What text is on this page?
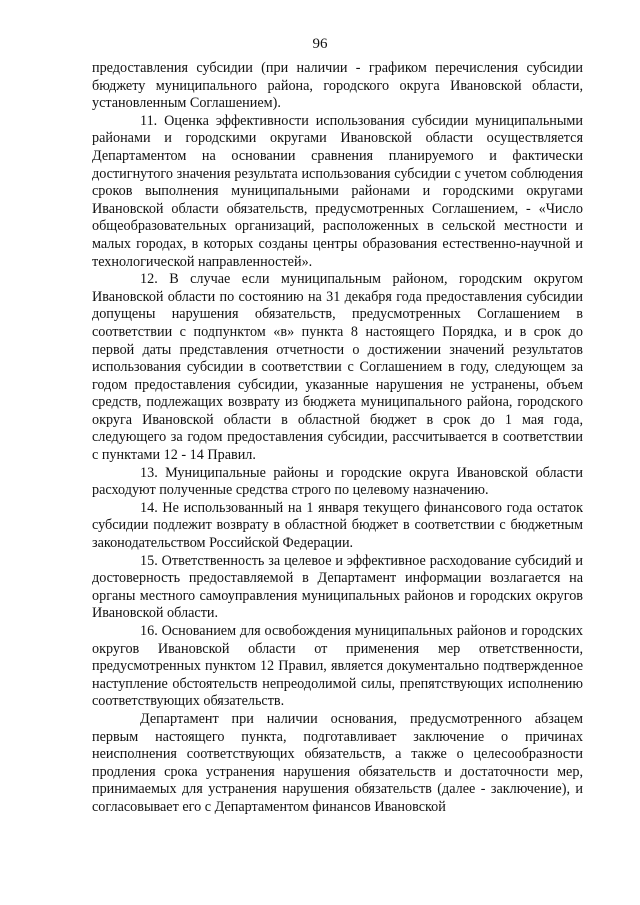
96

предоставления субсидии (при наличии - графиком перечисления субсидии бюджету муниципального района, городского округа Ивановской области, установленным Соглашением).

11. Оценка эффективности использования субсидии муниципальными районами и городскими округами Ивановской области осуществляется Департаментом на основании сравнения планируемого и фактически достигнутого значения результата использования субсидии с учетом соблюдения сроков выполнения муниципальными районами и городскими округами Ивановской области обязательств, предусмотренных Соглашением, - «Число общеобразовательных организаций, расположенных в сельской местности и малых городах, в которых созданы центры образования естественно-научной и технологической направленностей».

12. В случае если муниципальным районом, городским округом Ивановской области по состоянию на 31 декабря года предоставления субсидии допущены нарушения обязательств, предусмотренных Соглашением в соответствии с подпунктом «в» пункта 8 настоящего Порядка, и в срок до первой даты представления отчетности о достижении значений результатов использования субсидии в соответствии с Соглашением в году, следующем за годом предоставления субсидии, указанные нарушения не устранены, объем средств, подлежащих возврату из бюджета муниципального района, городского округа Ивановской области в областной бюджет в срок до 1 мая года, следующего за годом предоставления субсидии, рассчитывается в соответствии с пунктами 12 - 14 Правил.

13. Муниципальные районы и городские округа Ивановской области расходуют полученные средства строго по целевому назначению.

14. Не использованный на 1 января текущего финансового года остаток субсидии подлежит возврату в областной бюджет в соответствии с бюджетным законодательством Российской Федерации.

15. Ответственность за целевое и эффективное расходование субсидий и достоверность предоставляемой в Департамент информации возлагается на органы местного самоуправления муниципальных районов и городских округов Ивановской области.

16. Основанием для освобождения муниципальных районов и городских округов Ивановской области от применения мер ответственности, предусмотренных пунктом 12 Правил, является документально подтвержденное наступление обстоятельств непреодолимой силы, препятствующих исполнению соответствующих обязательств.

Департамент при наличии основания, предусмотренного абзацем первым настоящего пункта, подготавливает заключение о причинах неисполнения соответствующих обязательств, а также о целесообразности продления срока устранения нарушения обязательств и достаточности мер, принимаемых для устранения нарушения обязательств (далее - заключение), и согласовывает его с Департаментом финансов Ивановской
